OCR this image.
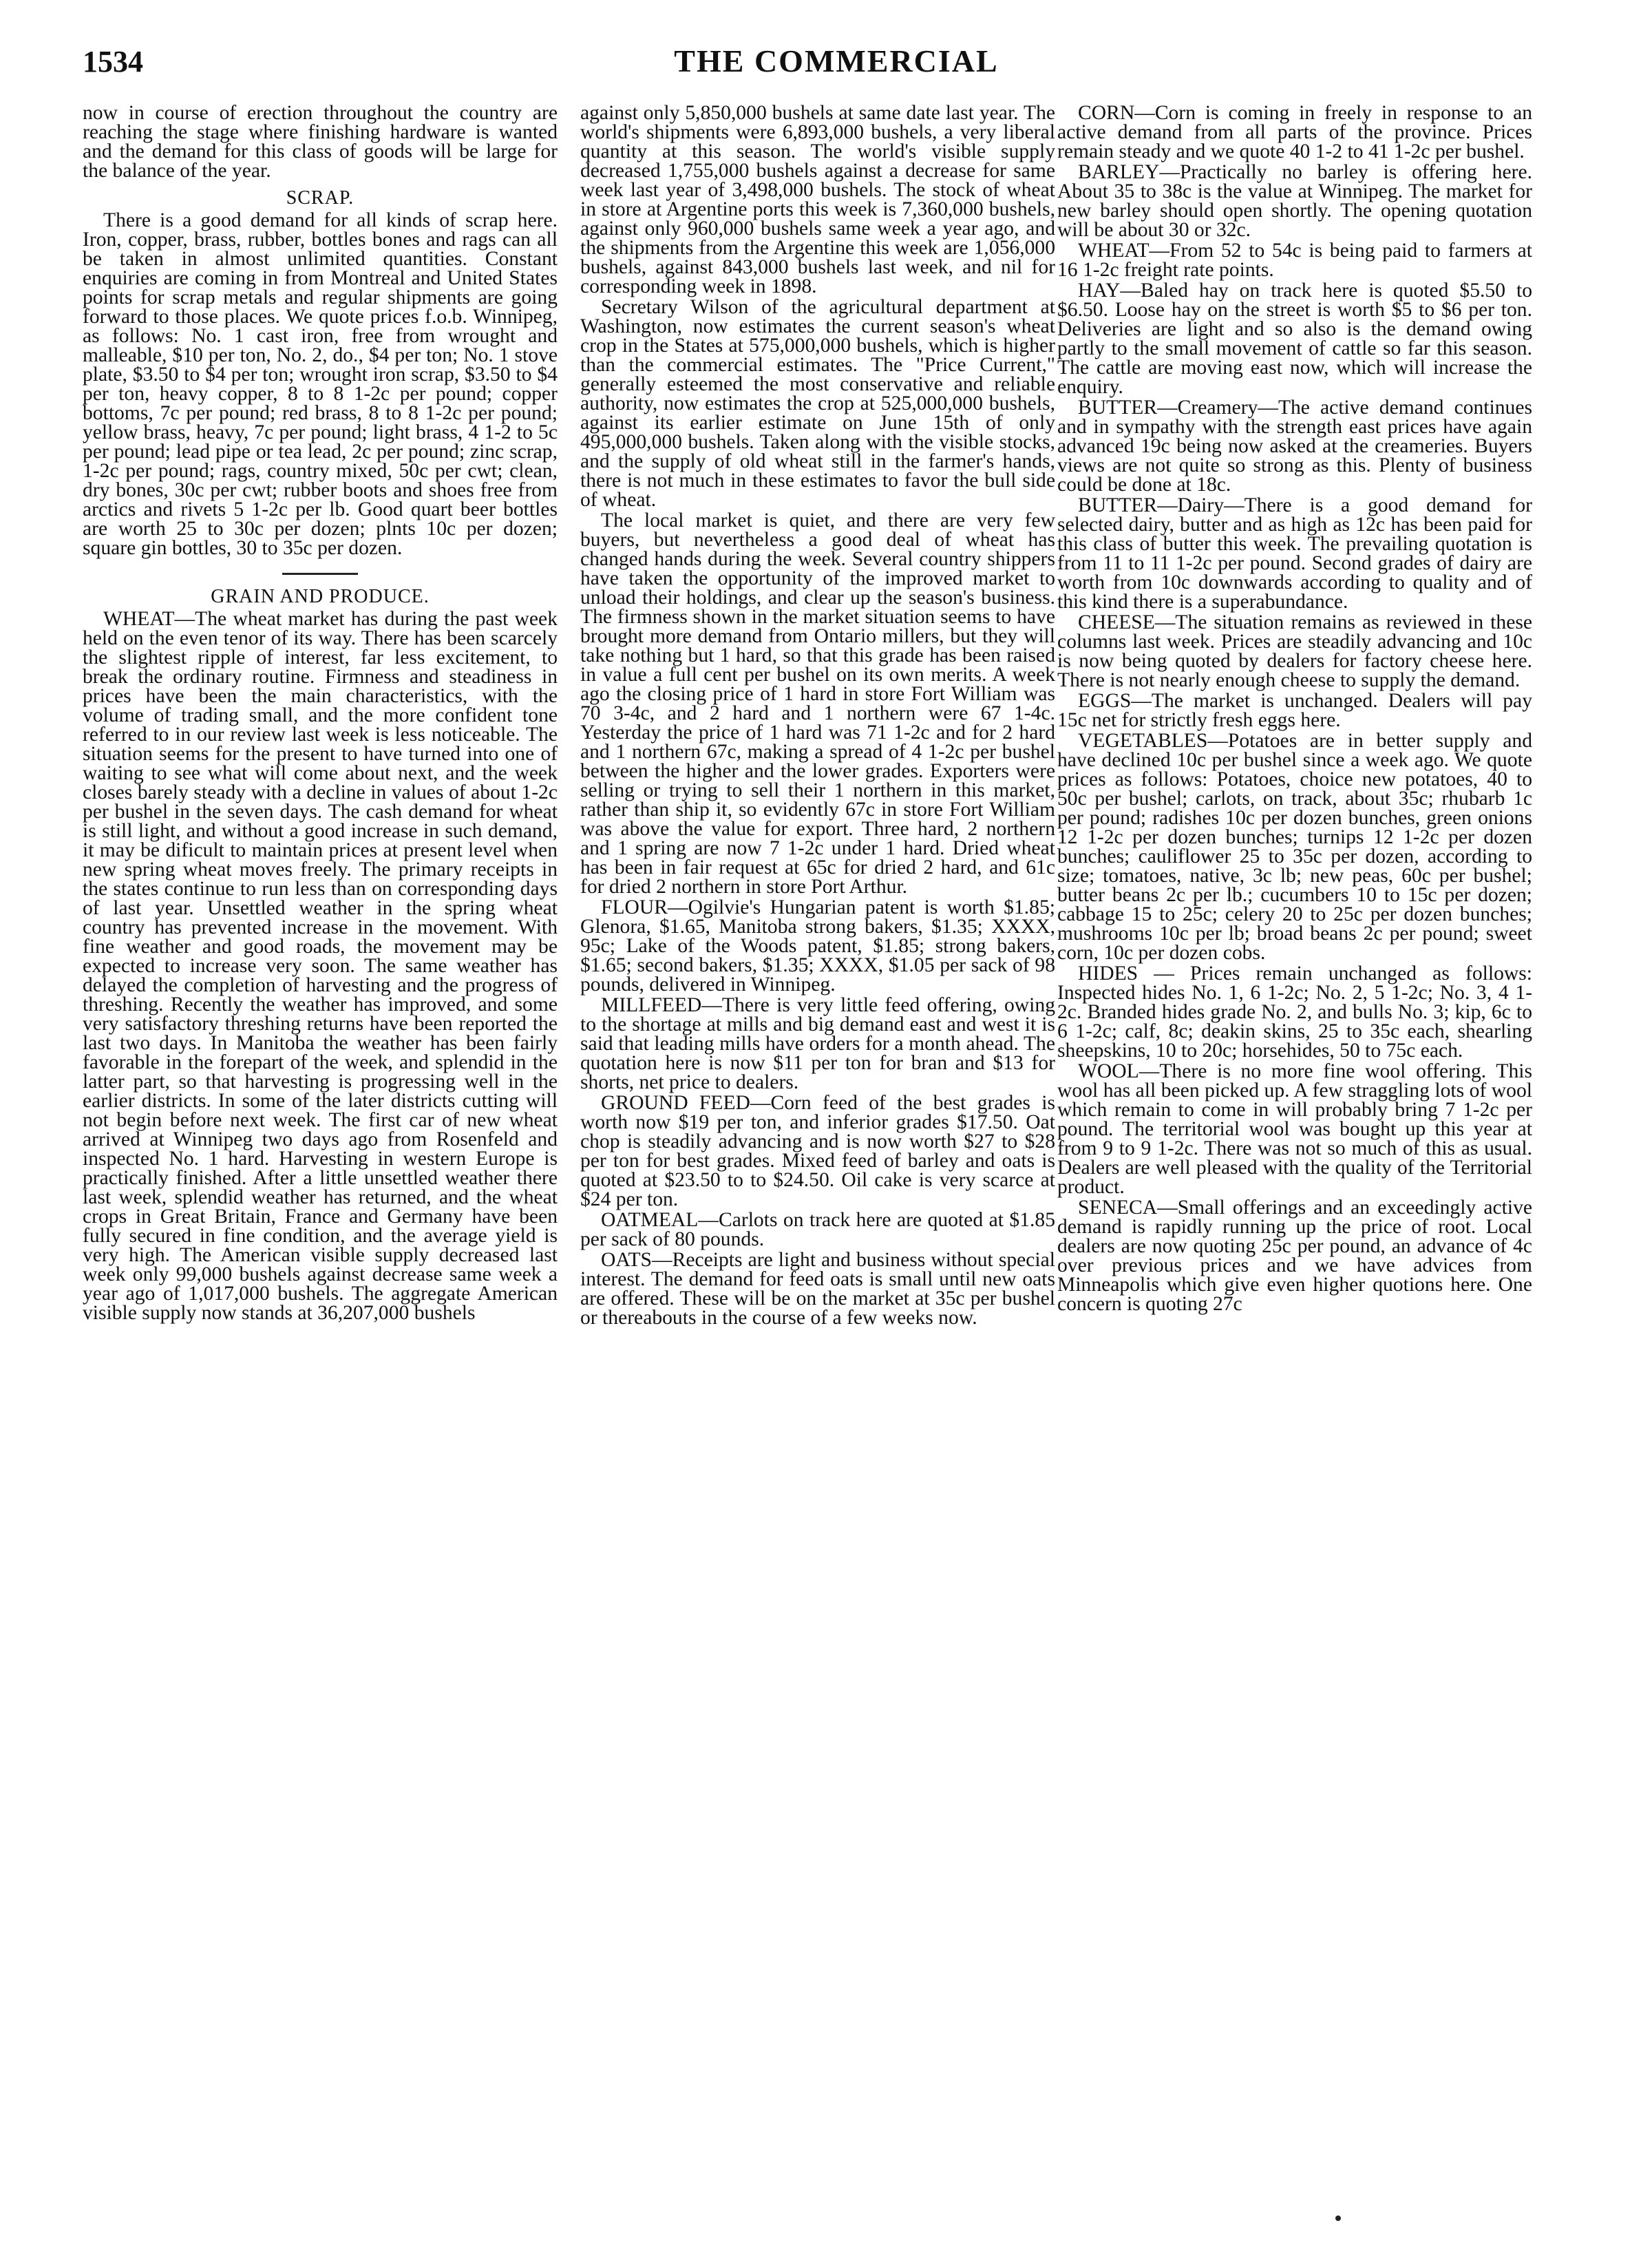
1534	THE COMMERCIAL

now in course of erection throughout the country are reaching the stage where finishing hardware is wanted and the demand for this class of goods will be large for the balance of the year.

SCRAP.

There is a good demand for all kinds of scrap here. Iron, copper, brass, rubber, bottles bones and rags can all be taken in almost unlimited quantities. Constant enquiries are coming in from Montreal and United States points for scrap metals and regular shipments are going forward to those places. We quote prices f.o.b. Winnipeg, as follows: No. 1 cast iron, free from wrought and malleable, $10 per ton, No. 2, do., $4 per ton; No. 1 stove plate, $3.50 to $4 per ton; wrought iron scrap, $3.50 to $4 per ton, heavy copper, 8 to 8 1-2c per pound; copper bottoms, 7c per pound; red brass, 8 to 8 1-2c per pound; yellow brass, heavy, 7c per pound; light brass, 4 1-2 to 5c per pound; lead pipe or tea lead, 2c per pound; zinc scrap, 1-2c per pound; rags, country mixed, 50c per cwt; clean, dry bones, 30c per cwt; rubber boots and shoes free from arctics and rivets 5 1-2c per lb. Good quart beer bottles are worth 25 to 30c per dozen; plnts 10c per dozen; square gin bottles, 30 to 35c per dozen.

GRAIN AND PRODUCE.

WHEAT—The wheat market has during the past week held on the even tenor of its way. There has been scarcely the slightest ripple of interest, far less excitement, to break the ordinary routine. Firmness and steadiness in prices have been the main characteristics, with the volume of trading small, and the more confident tone referred to in our review last week is less noticeable. The situation seems for the present to have turned into one of waiting to see what will come about next, and the week closes barely steady with a decline in values of about 1-2c per bushel in the seven days. The cash demand for wheat is still light, and without a good increase in such demand, it may be dificult to maintain prices at present level when new spring wheat moves freely. The primary receipts in the states continue to run less than on corresponding days of last year. Unsettled weather in the spring wheat country has prevented increase in the movement. With fine weather and good roads, the movement may be expected to increase very soon. The same weather has delayed the completion of harvesting and the progress of threshing. Recently the weather has improved, and some very satisfactory threshing returns have been reported the last two days. In Manitoba the weather has been fairly favorable in the forepart of the week, and splendid in the latter part, so that harvesting is progressing well in the earlier districts. In some of the later districts cutting will not begin before next week. The first car of new wheat arrived at Winnipeg two days ago from Rosenfeld and inspected No. 1 hard. Harvesting in western Europe is practically finished. After a little unsettled weather there last week, splendid weather has returned, and the wheat crops in Great Britain, France and Germany have been fully secured in fine condition, and the average yield is very high. The American visible supply decreased last week only 99,000 bushels against decrease same week a year ago of 1,017,000 bushels. The aggregate American visible supply now stands at 36,207,000 bushels

against only 5,850,000 bushels at same date last year. The world's shipments were 6,893,000 bushels, a very liberal quantity at this season. The world's visible supply decreased 1,755,000 bushels against a decrease for same week last year of 3,498,000 bushels. The stock of wheat in store at Argentine ports this week is 7,360,000 bushels, against only 960,000 bushels same week a year ago, and the shipments from the Argentine this week are 1,056,000 bushels, against 843,000 bushels last week, and nil for corresponding week in 1898.

Secretary Wilson of the agricultural department at Washington, now estimates the current season's wheat crop in the States at 575,000,000 bushels, which is higher than the commercial estimates. The "Price Current," generally esteemed the most conservative and reliable authority, now estimates the crop at 525,000,000 bushels, against its earlier estimate on June 15th of only 495,000,000 bushels. Taken along with the visible stocks, and the supply of old wheat still in the farmer's hands, there is not much in these estimates to favor the bull side of wheat.

The local market is quiet, and there are very few buyers, but nevertheless a good deal of wheat has changed hands during the week. Several country shippers have taken the opportunity of the improved market to unload their holdings, and clear up the season's business. The firmness shown in the market situation seems to have brought more demand from Ontario millers, but they will take nothing but 1 hard, so that this grade has been raised in value a full cent per bushel on its own merits. A week ago the closing price of 1 hard in store Fort William was 70 3-4c, and 2 hard and 1 northern were 67 1-4c. Yesterday the price of 1 hard was 71 1-2c and for 2 hard and 1 northern 67c, making a spread of 4 1-2c per bushel between the higher and the lower grades. Exporters were selling or trying to sell their 1 northern in this market, rather than ship it, so evidently 67c in store Fort William was above the value for export. Three hard, 2 northern and 1 spring are now 7 1-2c under 1 hard. Dried wheat has been in fair request at 65c for dried 2 hard, and 61c for dried 2 northern in store Port Arthur.

FLOUR—Ogilvie's Hungarian patent is worth $1.85; Glenora, $1.65, Manitoba strong bakers, $1.35; XXXX, 95c; Lake of the Woods patent, $1.85; strong bakers, $1.65; second bakers, $1.35; XXXX, $1.05 per sack of 98 pounds, delivered in Winnipeg.

MILLFEED—There is very little feed offering, owing to the shortage at mills and big demand east and west it is said that leading mills have orders for a month ahead. The quotation here is now $11 per ton for bran and $13 for shorts, net price to dealers.

GROUND FEED—Corn feed of the best grades is worth now $19 per ton, and inferior grades $17.50. Oat chop is steadily advancing and is now worth $27 to $28 per ton for best grades. Mixed feed of barley and oats is quoted at $23.50 to to $24.50. Oil cake is very scarce at $24 per ton.

OATMEAL—Carlots on track here are quoted at $1.85 per sack of 80 pounds.

OATS—Receipts are light and business without special interest. The demand for feed oats is small until new oats are offered. These will be on the market at 35c per bushel or thereabouts in the course of a few weeks now.

CORN—Corn is coming in freely in response to an active demand from all parts of the province. Prices remain steady and we quote 40 1-2 to 41 1-2c per bushel.

BARLEY—Practically no barley is offering here. About 35 to 38c is the value at Winnipeg. The market for new barley should open shortly. The opening quotation will be about 30 or 32c.

WHEAT—From 52 to 54c is being paid to farmers at 16 1-2c freight rate points.

HAY—Baled hay on track here is quoted $5.50 to $6.50. Loose hay on the street is worth $5 to $6 per ton. Deliveries are light and so also is the demand owing partly to the small movement of cattle so far this season. The cattle are moving east now, which will increase the enquiry.

BUTTER—Creamery—The active demand continues and in sympathy with the strength east prices have again advanced 19c being now asked at the creameries. Buyers views are not quite so strong as this. Plenty of business could be done at 18c.

BUTTER—Dairy—There is a good demand for selected dairy, butter and as high as 12c has been paid for this class of butter this week. The prevailing quotation is from 11 to 11 1-2c per pound. Second grades of dairy are worth from 10c downwards according to quality and of this kind there is a superabundance.

CHEESE—The situation remains as reviewed in these columns last week. Prices are steadily advancing and 10c is now being quoted by dealers for factory cheese here. There is not nearly enough cheese to supply the demand.

EGGS—The market is unchanged. Dealers will pay 15c net for strictly fresh eggs here.

VEGETABLES—Potatoes are in better supply and have declined 10c per bushel since a week ago. We quote prices as follows: Potatoes, choice new potatoes, 40 to 50c per bushel; carlots, on track, about 35c; rhubarb 1c per pound; radishes 10c per dozen bunches, green onions 12 1-2c per dozen bunches; turnips 12 1-2c per dozen bunches; cauliflower 25 to 35c per dozen, according to size; tomatoes, native, 3c lb; new peas, 60c per bushel; butter beans 2c per lb.; cucumbers 10 to 15c per dozen; cabbage 15 to 25c; celery 20 to 25c per dozen bunches; mushrooms 10c per lb; broad beans 2c per pound; sweet corn, 10c per dozen cobs.

HIDES — Prices remain unchanged as follows: Inspected hides No. 1, 6 1-2c; No. 2, 5 1-2c; No. 3, 4 1-2c. Branded hides grade No. 2, and bulls No. 3; kip, 6c to 6 1-2c; calf, 8c; deakin skins, 25 to 35c each, shearling sheepskins, 10 to 20c; horsehides, 50 to 75c each.

WOOL—There is no more fine wool offering. This wool has all been picked up. A few straggling lots of wool which remain to come in will probably bring 7 1-2c per pound. The territorial wool was bought up this year at from 9 to 9 1-2c. There was not so much of this as usual. Dealers are well pleased with the quality of the Territorial product.

SENECA—Small offerings and an exceedingly active demand is rapidly running up the price of root. Local dealers are now quoting 25c per pound, an advance of 4c over previous prices and we have advices from Minneapolis which give even higher quotions here. One concern is quoting 27c
